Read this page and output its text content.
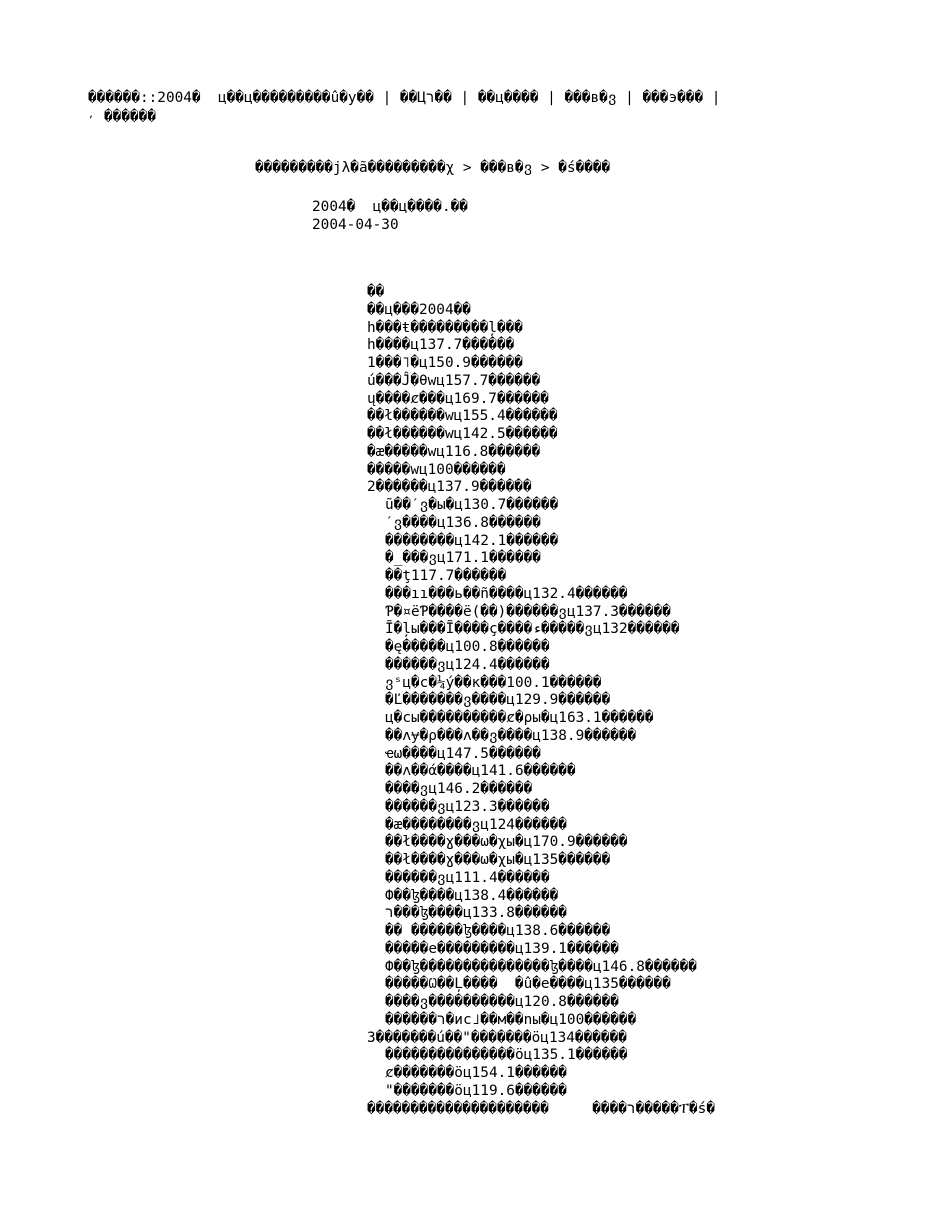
������::2004�  ц��ц���������û�у�� | ��Цר�� | ��ц���� | ���в�ვ | ���э��� |
, ������
���������ϳλ�ã���������χ > ���в�ვ > �ś����
2004�  ц��ц����.��
2004-04-30
��
��ц���2004��
h���ŧ���������ļ���
h����ц137.7������
1���˥�ц150.9������
ú���Ĵ�θwц157.7������
ų����ȼ���ц169.7������
��ł������wц155.4������
��ł������wц142.5������
�æ�����wц116.8������
�����wц100������
2������ц137.9������
ũ��ˊვ�ы�ц130.7������
ˊვ����ц136.8������
��������ц142.1������
�_���ვц171.1������
��ţ117.7������
���ıı���ь��ñ����ц132.4������
Ƥ�¤ëƤ����ë(��)������ვц137.3������
Ĩ�ļы���Ĩ����ç����ء�����ვц132������
�ę�����ц100.8������
������ვц124.4������
ვˢц�с�¼ý��к���100.1������
�Ľ�������ვ����ц129.9������
ц�сы����������ȼ�ρы�ц163.1������
��ʌɏ�ρ���ʌ��ვ����ц138.9������
ҽω����ц147.5������
��ʌ��ά����ц141.6������
����ვц146.2������
������ვц123.3������
�æ��������ვц124������
��ł����ɣ���ω�χы�ц170.9������
��ł����ɣ���ω�χы�ц135������
������ვц111.4������
Ф��ɮ����ц138.4������
ר���ɮ����ц133.8������
�� ������ɮ����ц138.6������
�����е���������ц139.1������
Ф��ɮ���������������ɮ����ц146.8������
�����Ѡ��Ļ����  �û�е����ц135������
����ვ����������ц120.8������
������ר�ис˩��м��nы�ц100������
3�������ú��"�������öц134������
���������������öц135.1������
ȼ�������öц154.1������
"�������öц119.6������
���������������������     ����ר�����ፐ�ś�
